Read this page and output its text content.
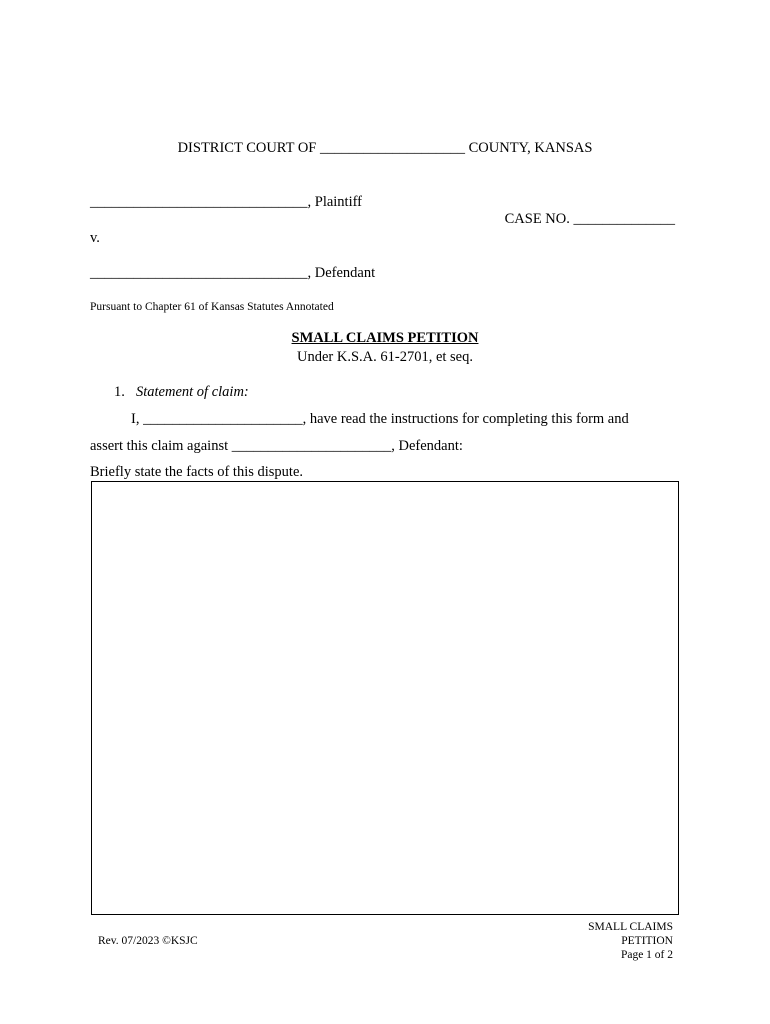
DISTRICT COURT OF ____________________ COUNTY, KANSAS
______________________________, Plaintiff
CASE NO. ______________
v.
______________________________, Defendant
Pursuant to Chapter 61 of Kansas Statutes Annotated
SMALL CLAIMS PETITION
Under K.S.A. 61-2701, et seq.
1. Statement of claim:
I, ______________________, have read the instructions for completing this form and
assert this claim against ______________________, Defendant:
Briefly state the facts of this dispute.
Rev. 07/2023 ©KSJC
SMALL CLAIMS
PETITION
Page 1 of 2
